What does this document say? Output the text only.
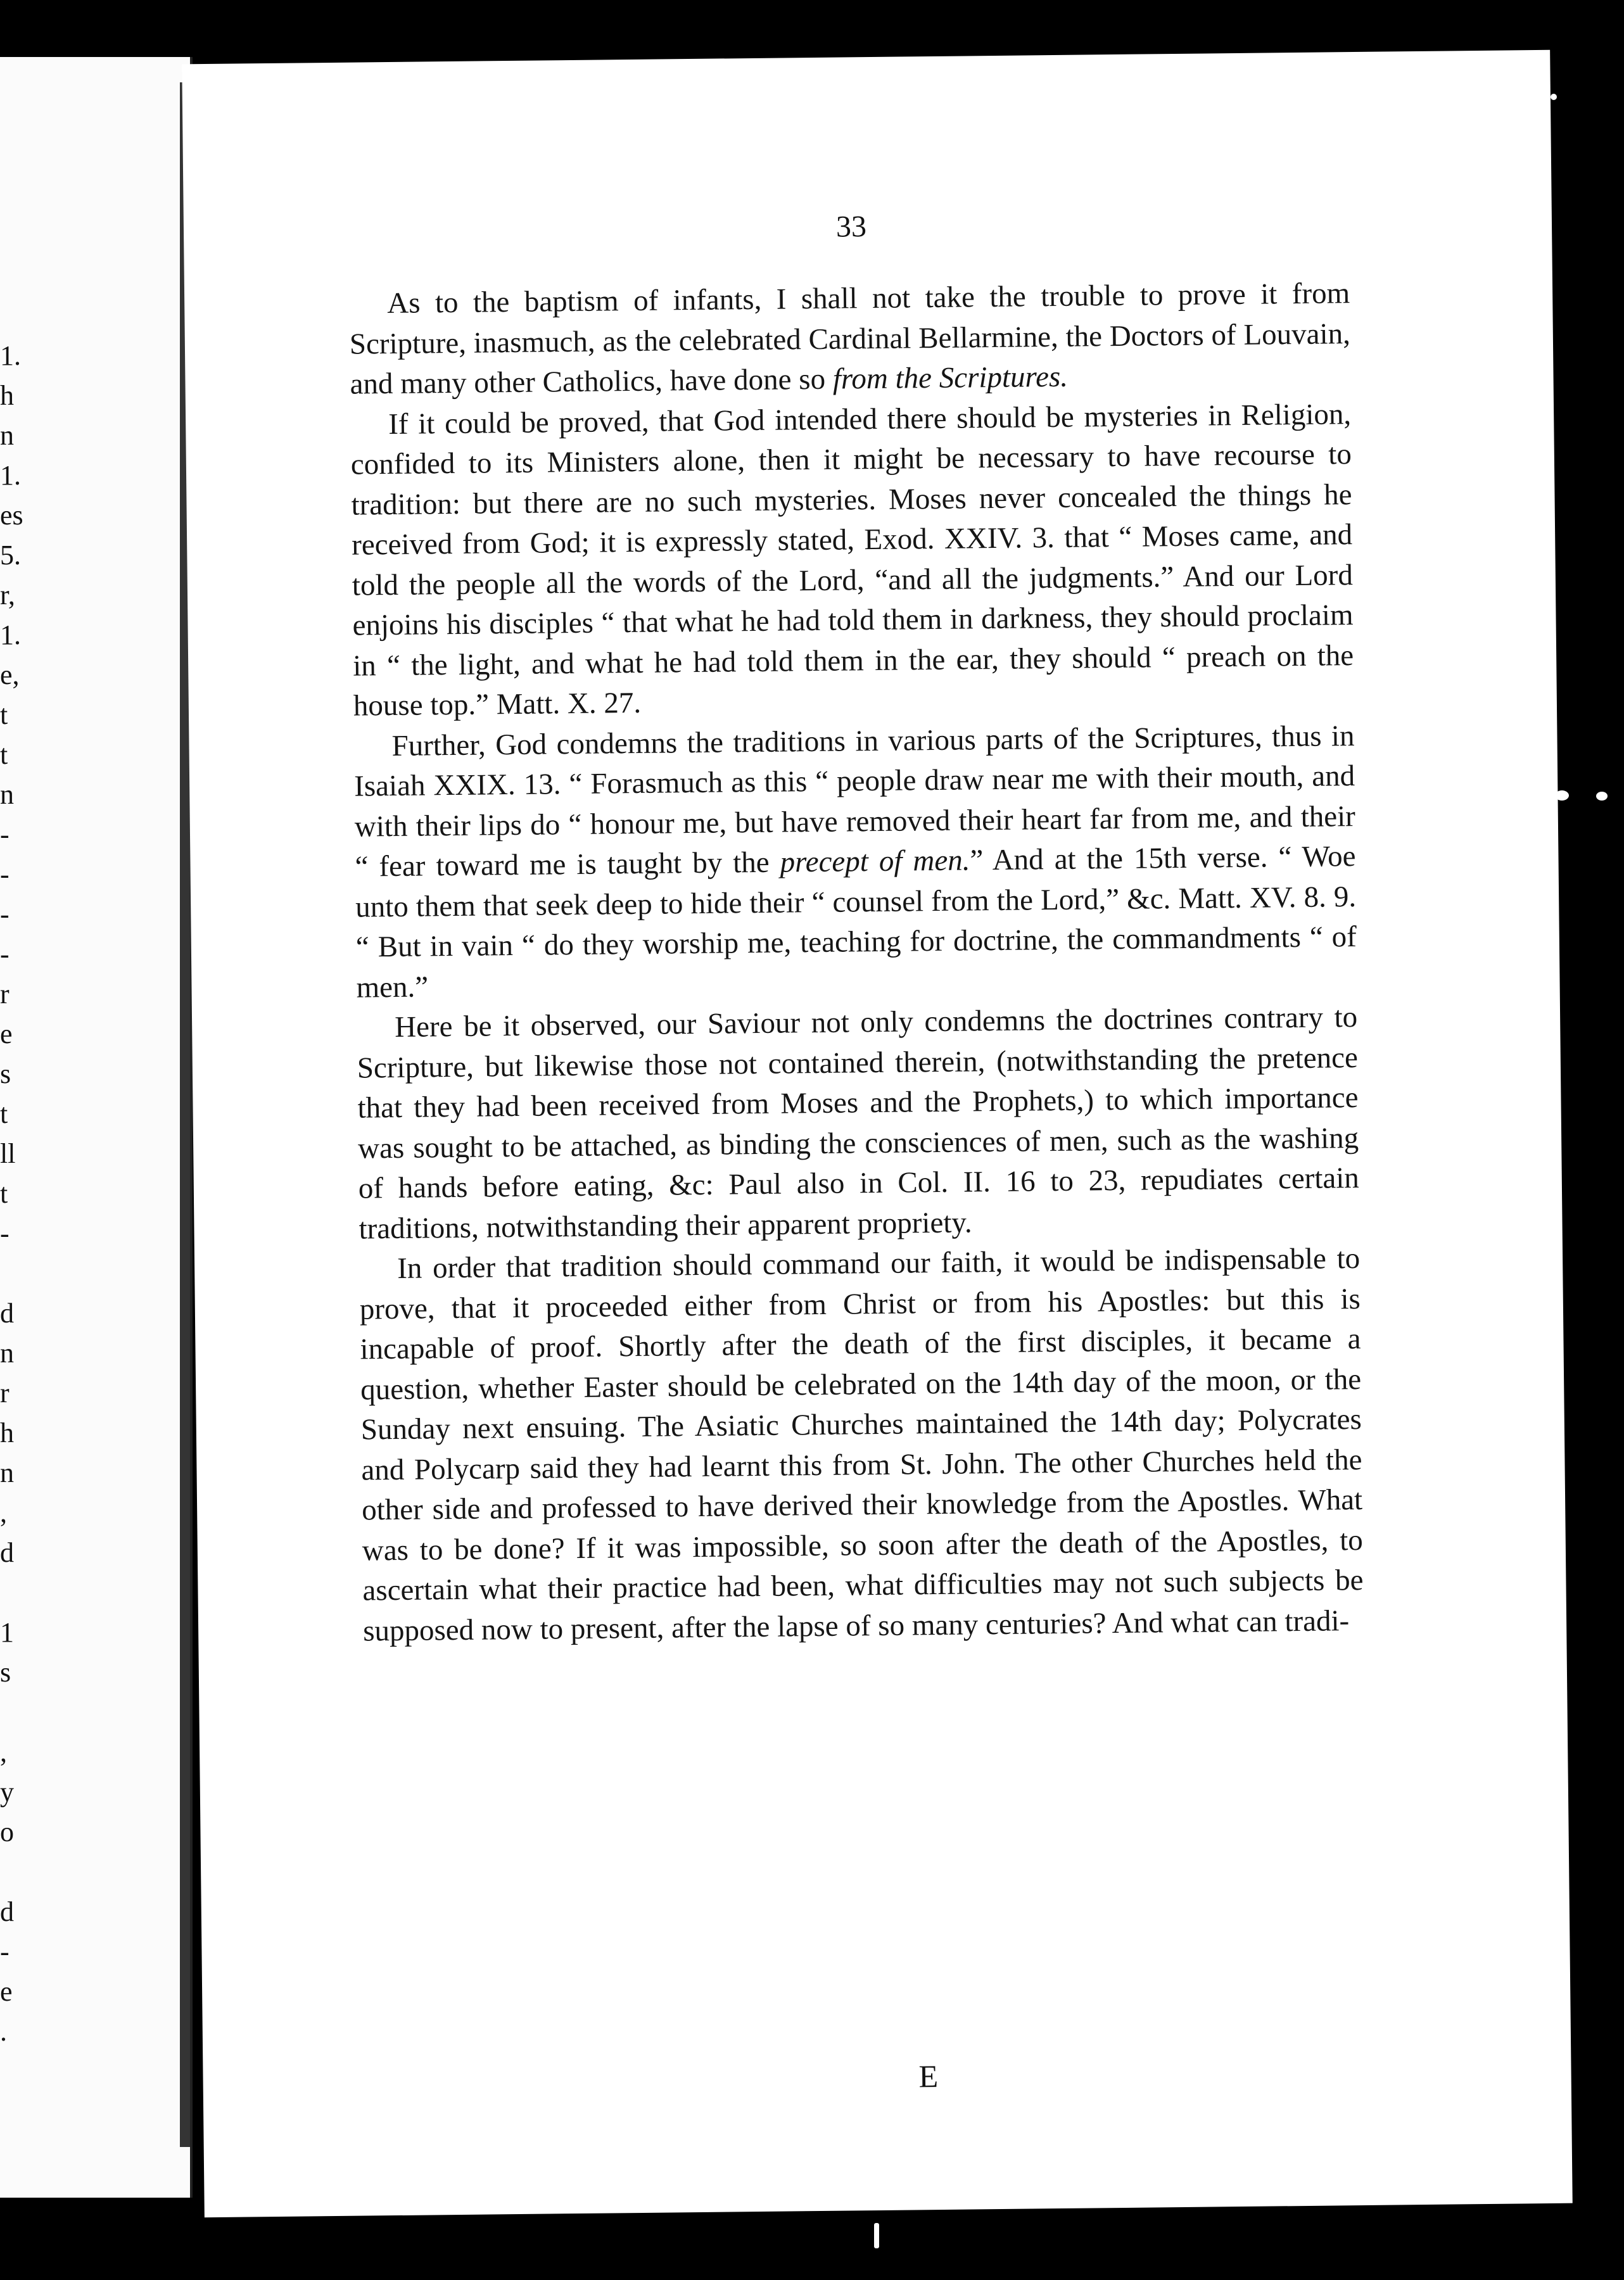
1.
h
n
1.
es
5.
r,
1.
e,
t
t
n
-
-
-
-
r
e
s
t
ll
t
-
d
n
r
h
n
,
d
1
s
,
y
o
d
-
e
.
33

As to the baptism of infants, I shall not take the trouble to prove it from Scripture, inasmuch, as the celebrated Cardinal Bellarmine, the Doctors of Louvain, and many other Catholics, have done so from the Scriptures.

If it could be proved, that God intended there should be mysteries in Religion, confided to its Ministers alone, then it might be necessary to have recourse to tradition: but there are no such mysteries. Moses never concealed the things he received from God; it is expressly stated, Exod. XXIV. 3. that “ Moses came, and told the people all the words of the Lord, “and all the judgments.” And our Lord enjoins his disciples “ that what he had told them in darkness, they should proclaim in “ the light, and what he had told them in the ear, they should “ preach on the house top.” Matt. X. 27.

Further, God condemns the traditions in various parts of the Scriptures, thus in Isaiah XXIX. 13. “ Forasmuch as this “ people draw near me with their mouth, and with their lips do “ honour me, but have removed their heart far from me, and their “ fear toward me is taught by the precept of men.” And at the 15th verse. “ Woe unto them that seek deep to hide their “ counsel from the Lord,” &c. Matt. XV. 8. 9. “ But in vain “ do they worship me, teaching for doctrine, the commandments “ of men.”

Here be it observed, our Saviour not only condemns the doctrines contrary to Scripture, but likewise those not contained therein, (notwithstanding the pretence that they had been received from Moses and the Prophets,) to which importance was sought to be attached, as binding the consciences of men, such as the washing of hands before eating, &c: Paul also in Col. II. 16 to 23, repudiates certain traditions, notwithstanding their apparent propriety.

In order that tradition should command our faith, it would be indispensable to prove, that it proceeded either from Christ or from his Apostles: but this is incapable of proof. Shortly after the death of the first disciples, it became a question, whether Easter should be celebrated on the 14th day of the moon, or the Sunday next ensuing. The Asiatic Churches maintained the 14th day; Polycrates and Polycarp said they had learnt this from St. John. The other Churches held the other side and professed to have derived their knowledge from the Apostles. What was to be done? If it was impossible, so soon after the death of the Apostles, to ascertain what their practice had been, what difficulties may not such subjects be supposed now to present, after the lapse of so many centuries? And what can tradi-

E
